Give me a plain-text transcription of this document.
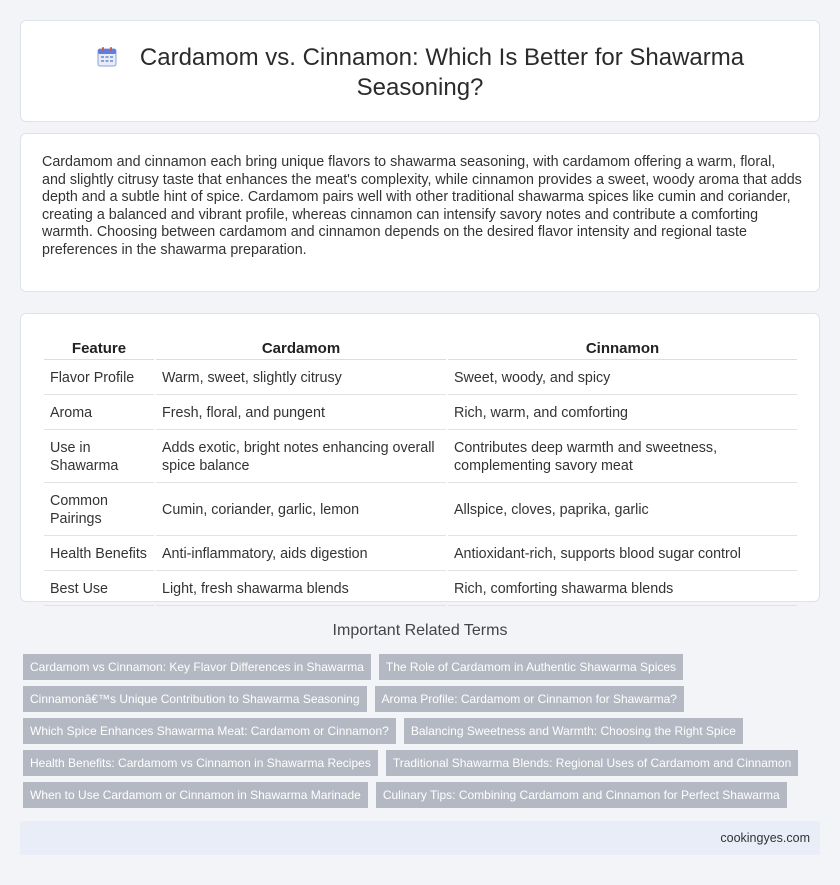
Cardamom vs. Cinnamon: Which Is Better for Shawarma Seasoning?

Cardamom and cinnamon each bring unique flavors to shawarma seasoning, with cardamom offering a warm, floral, and slightly citrusy taste that enhances the meat's complexity, while cinnamon provides a sweet, woody aroma that adds depth and a subtle hint of spice. Cardamom pairs well with other traditional shawarma spices like cumin and coriander, creating a balanced and vibrant profile, whereas cinnamon can intensify savory notes and contribute a comforting warmth. Choosing between cardamom and cinnamon depends on the desired flavor intensity and regional taste preferences in the shawarma preparation.

Feature	Cardamom	Cinnamon
Flavor Profile	Warm, sweet, slightly citrusy	Sweet, woody, and spicy
Aroma	Fresh, floral, and pungent	Rich, warm, and comforting
Use in Shawarma	Adds exotic, bright notes enhancing overall spice balance	Contributes deep warmth and sweetness, complementing savory meat
Common Pairings	Cumin, coriander, garlic, lemon	Allspice, cloves, paprika, garlic
Health Benefits	Anti-inflammatory, aids digestion	Antioxidant-rich, supports blood sugar control
Best Use	Light, fresh shawarma blends	Rich, comforting shawarma blends
Important Related Terms
Cardamom vs Cinnamon: Key Flavor Differences in Shawarma	The Role of Cardamom in Authentic Shawarma Spices
Cinnamonâ€™s Unique Contribution to Shawarma Seasoning	Aroma Profile: Cardamom or Cinnamon for Shawarma?
Which Spice Enhances Shawarma Meat: Cardamom or Cinnamon?	Balancing Sweetness and Warmth: Choosing the Right Spice
Health Benefits: Cardamom vs Cinnamon in Shawarma Recipes	Traditional Shawarma Blends: Regional Uses of Cardamom and Cinnamon
When to Use Cardamom or Cinnamon in Shawarma Marinade	Culinary Tips: Combining Cardamom and Cinnamon for Perfect Shawarma
cookingyes.com
